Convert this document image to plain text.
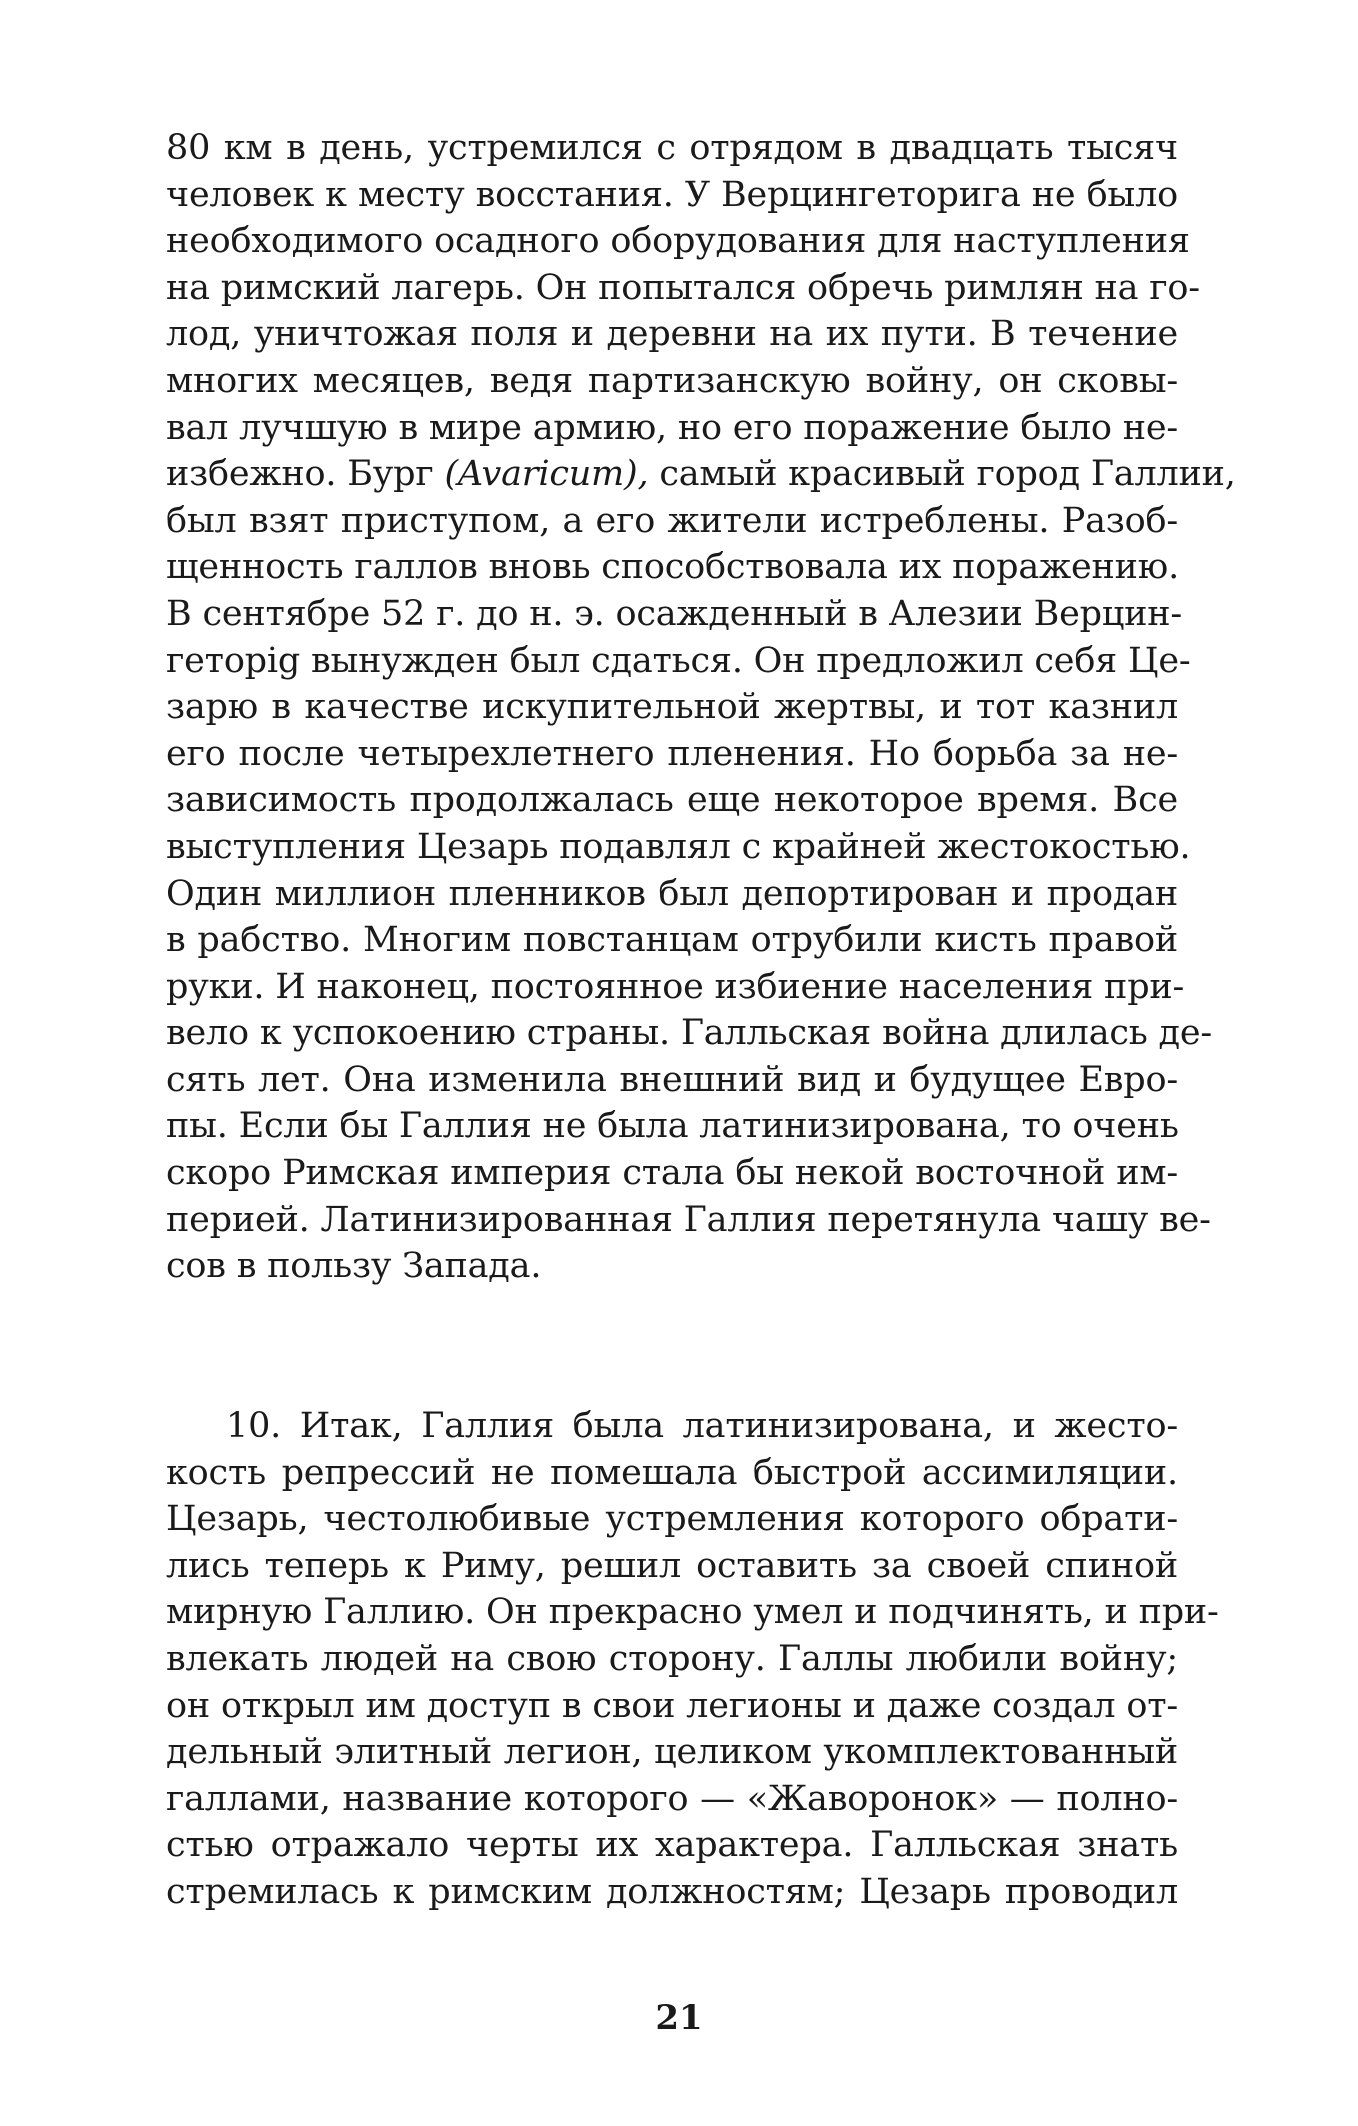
80 км в день, устремился с отрядом в двадцать тысяч
человек к месту восстания. У Верцингеторига не было
необходимого осадного оборудования для наступления
на римский лагерь. Он попытался обречь римлян на го-
лод, уничтожая поля и деревни на их пути. В течение
многих месяцев, ведя партизанскую войну, он сковы-
вал лучшую в мире армию, но его поражение было не-
избежно. Бург (Avaricum), самый красивый город Галлии,
был взят приступом, а его жители истреблены. Разоб-
щенность галлов вновь способствовала их поражению.
В сентябре 52 г. до н. э. осажденный в Алезии Верцин-
геторig вынужден был сдаться. Он предложил себя Це-
зарю в качестве искупительной жертвы, и тот казнил
его после четырехлетнего пленения. Но борьба за не-
зависимость продолжалась еще некоторое время. Все
выступления Цезарь подавлял с крайней жестокостью.
Один миллион пленников был депортирован и продан
в рабство. Многим повстанцам отрубили кисть правой
руки. И наконец, постоянное избиение населения при-
вело к успокоению страны. Галльская война длилась де-
сять лет. Она изменила внешний вид и будущее Евро-
пы. Если бы Галлия не была латинизирована, то очень
скоро Римская империя стала бы некой восточной им-
перией. Латинизированная Галлия перетянула чашу ве-
сов в пользу Запада.
10. Итак, Галлия была латинизирована, и жесто-
кость репрессий не помешала быстрой ассимиляции.
Цезарь, честолюбивые устремления которого обрати-
лись теперь к Риму, решил оставить за своей спиной
мирную Галлию. Он прекрасно умел и подчинять, и при-
влекать людей на свою сторону. Галлы любили войну;
он открыл им доступ в свои легионы и даже создал от-
дельный элитный легион, целиком укомплектованный
галлами, название которого — «Жаворонок» — полно-
стью отражало черты их характера. Галльская знать
стремилась к римским должностям; Цезарь проводил
21
